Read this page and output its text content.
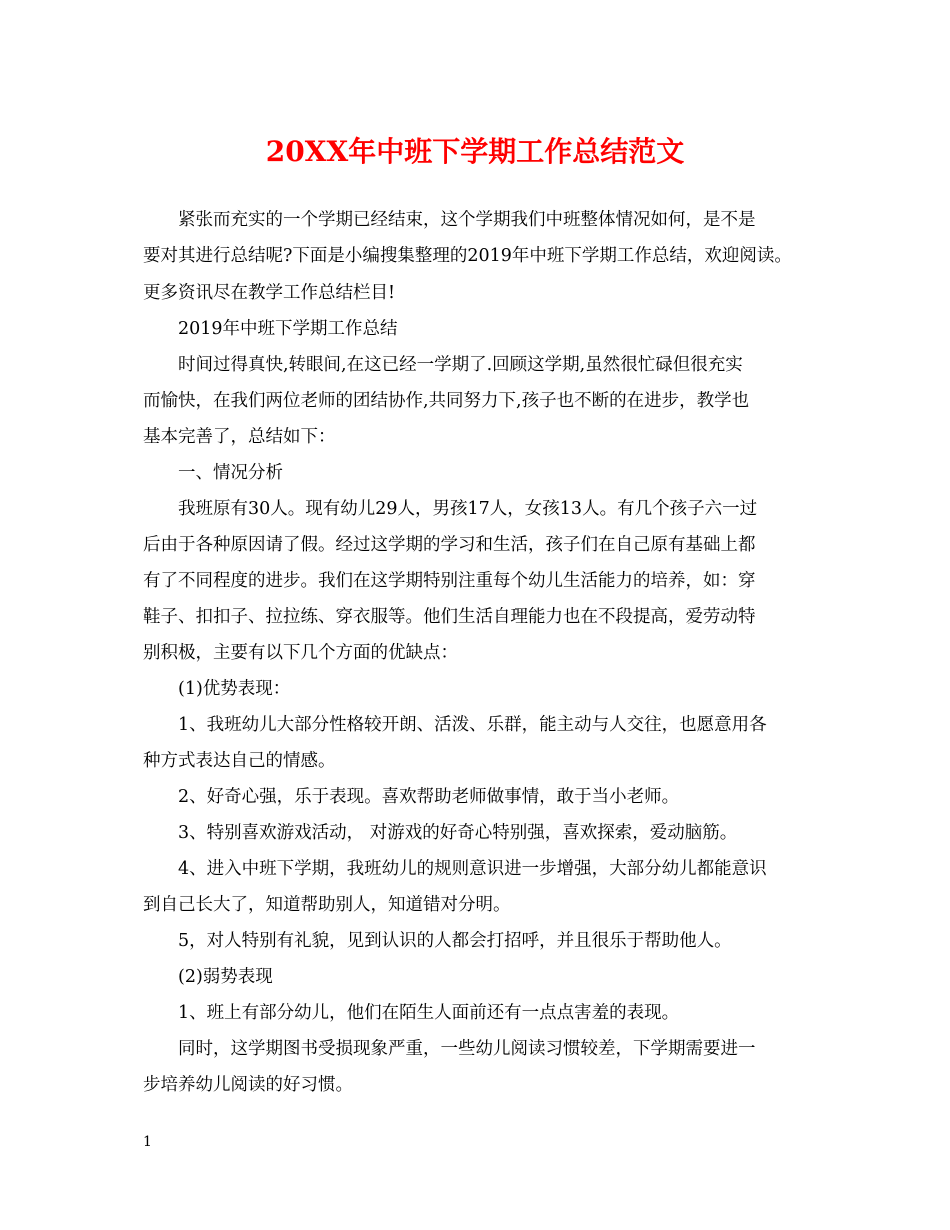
20XX年中班下学期工作总结范文

紧张而充实的一个学期已经结束，这个学期我们中班整体情况如何，是不是

要对其进行总结呢?下面是小编搜集整理的2019年中班下学期工作总结，欢迎阅读。

更多资讯尽在教学工作总结栏目!

2019年中班下学期工作总结

时间过得真快,转眼间,在这已经一学期了.回顾这学期,虽然很忙碌但很充实

而愉快，在我们两位老师的团结协作,共同努力下,孩子也不断的在进步，教学也

基本完善了，总结如下：

一、情况分析

我班原有30人。现有幼儿29人，男孩17人，女孩13人。有几个孩子六一过

后由于各种原因请了假。经过这学期的学习和生活，孩子们在自己原有基础上都

有了不同程度的进步。我们在这学期特别注重每个幼儿生活能力的培养，如：穿

鞋子、扣扣子、拉拉练、穿衣服等。他们生活自理能力也在不段提高，爱劳动特

别积极，主要有以下几个方面的优缺点：

(1)优势表现：

1、我班幼儿大部分性格较开朗、活泼、乐群，能主动与人交往，也愿意用各

种方式表达自己的情感。

2、好奇心强，乐于表现。喜欢帮助老师做事情，敢于当小老师。

3、特别喜欢游戏活动， 对游戏的好奇心特别强，喜欢探索，爱动脑筋。

4、进入中班下学期，我班幼儿的规则意识进一步增强，大部分幼儿都能意识

到自己长大了，知道帮助别人，知道错对分明。

5，对人特别有礼貌，见到认识的人都会打招呼，并且很乐于帮助他人。

(2)弱势表现

1、班上有部分幼儿，他们在陌生人面前还有一点点害羞的表现。

同时，这学期图书受损现象严重，一些幼儿阅读习惯较差，下学期需要进一

步培养幼儿阅读的好习惯。

1
